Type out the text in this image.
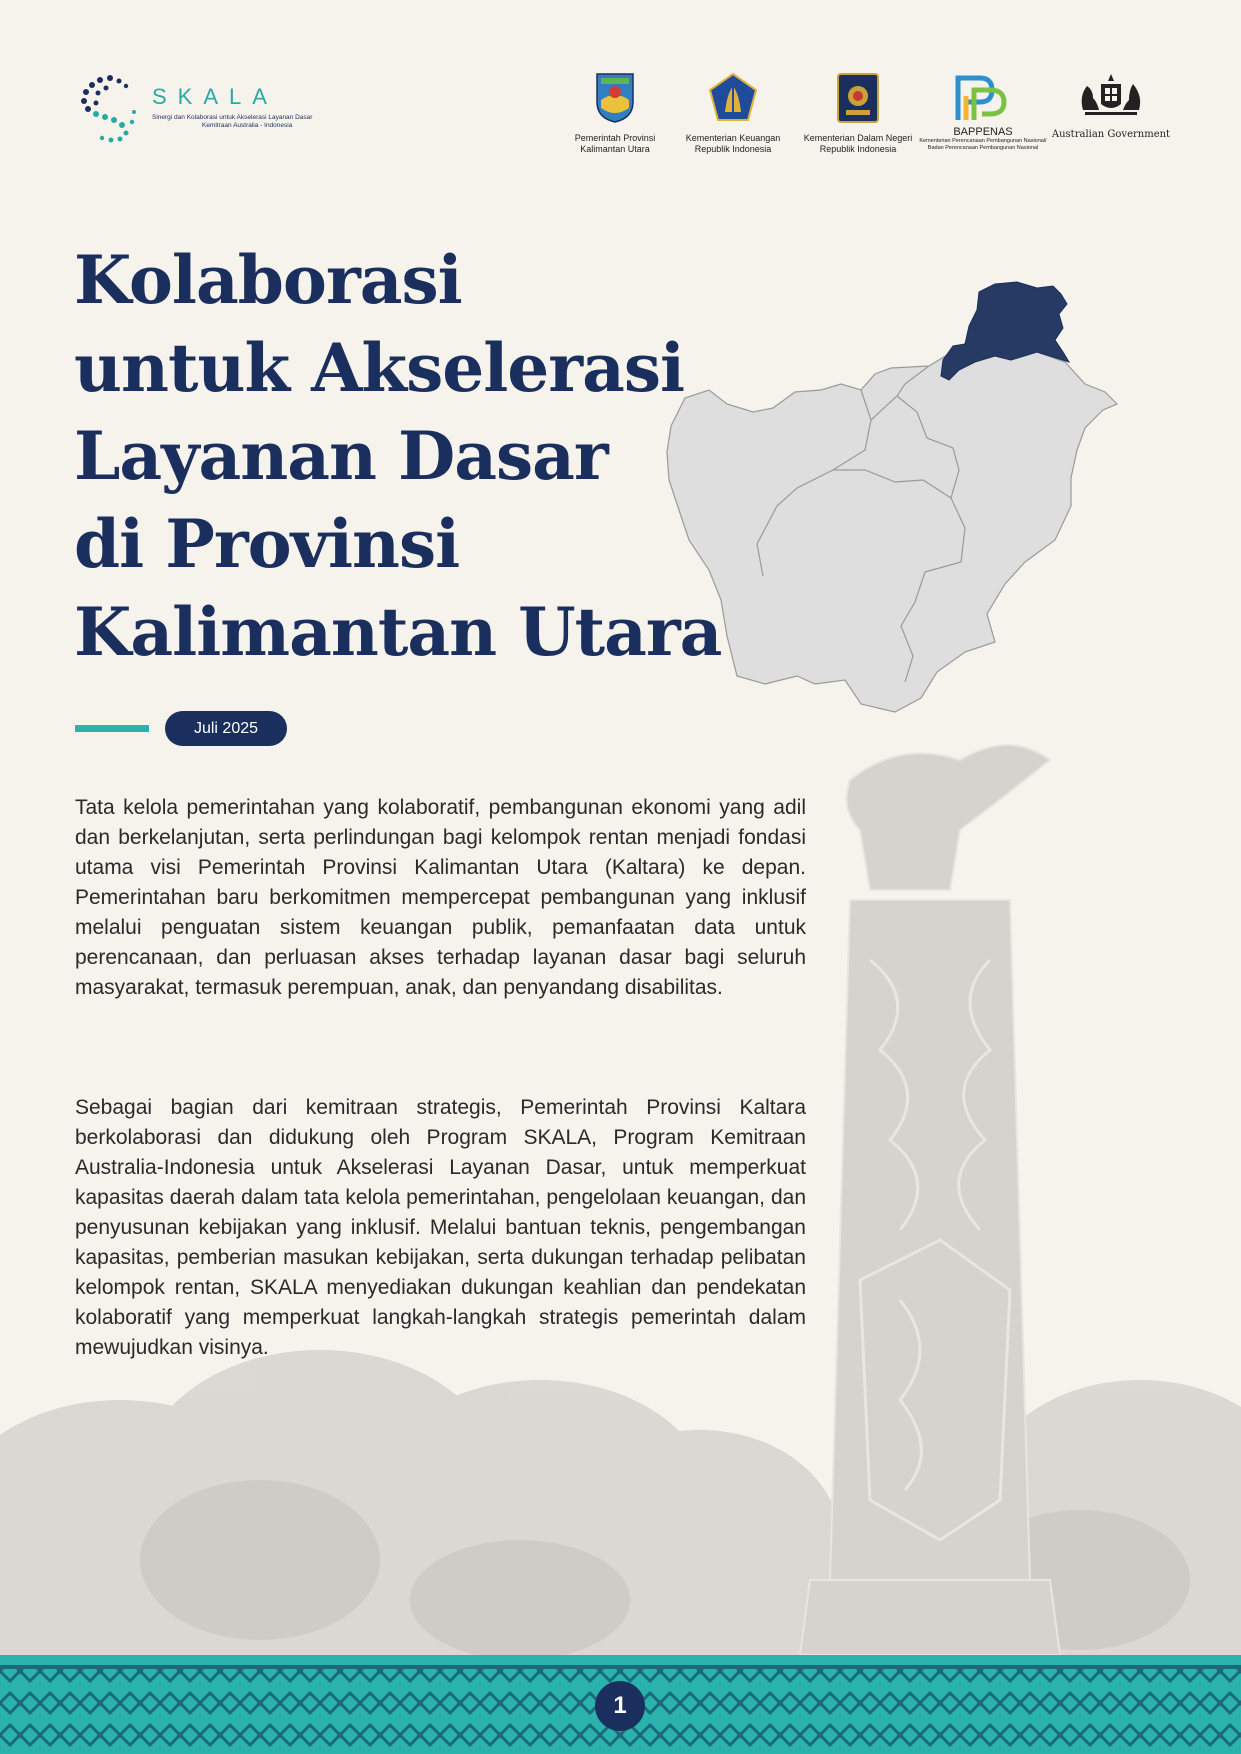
SKALA
Sinergi dan Kolaborasi untuk Akselerasi Layanan Dasar
Kemitraan Australia - Indonesia
Pemerintah Provinsi
Kalimantan Utara
Kementerian Keuangan
Republik Indonesia
Kementerian Dalam Negeri
Republik Indonesia
BAPPENAS
Kementerian Perencanaan Pembangunan Nasional/ Badan Perencanaan Pembangunan Nasional
Australian Government
Kolaborasi
untuk Akselerasi
Layanan Dasar
di Provinsi
Kalimantan Utara
Juli 2025

Tata kelola pemerintahan yang kolaboratif, pembangunan ekonomi yang adil dan berkelanjutan, serta perlindungan bagi kelompok rentan menjadi fondasi utama visi Pemerintah Provinsi Kalimantan Utara (Kaltara) ke depan. Pemerintahan baru berkomitmen mempercepat pembangunan yang inklusif melalui penguatan sistem keuangan publik, pemanfaatan data untuk perencanaan, dan perluasan akses terhadap layanan dasar bagi seluruh masyarakat, termasuk perempuan, anak, dan penyandang disabilitas.

Sebagai bagian dari kemitraan strategis, Pemerintah Provinsi Kaltara berkolaborasi dan didukung oleh Program SKALA, Program Kemitraan Australia-Indonesia untuk Akselerasi Layanan Dasar, untuk memperkuat kapasitas daerah dalam tata kelola pemerintahan, pengelolaan keuangan, dan penyusunan kebijakan yang inklusif. Melalui bantuan teknis, pengembangan kapasitas, pemberian masukan kebijakan, serta dukungan terhadap pelibatan kelompok rentan, SKALA menyediakan dukungan keahlian dan pendekatan kolaboratif yang memperkuat langkah-langkah strategis pemerintah dalam mewujudkan visinya.

1
